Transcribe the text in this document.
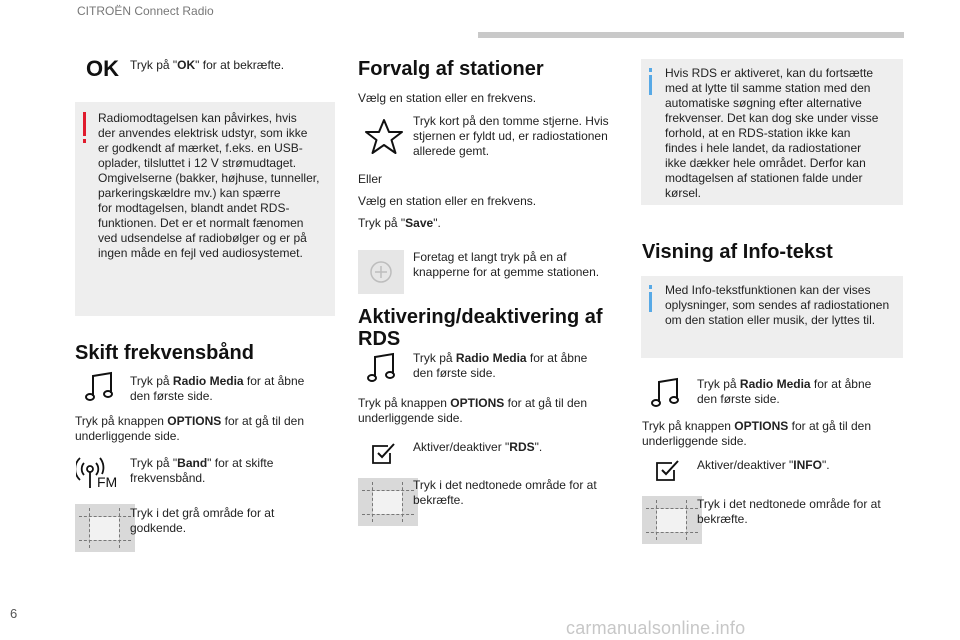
CITROËN Connect Radio
OK Tryk på "OK" for at bekræfte.
Radiomodtagelsen kan påvirkes, hvis
der anvendes elektrisk udstyr, som ikke
er godkendt af mærket, f.eks. en USB-
oplader, tilsluttet i 12 V strømudtaget.
Omgivelserne (bakker, højhuse, tunneller,
parkeringskældre mv.) kan spærre
for modtagelsen, blandt andet RDS-
funktionen. Det er et normalt fænomen
ved udsendelse af radiobølger og er på
ingen måde en fejl ved audiosystemet.
Skift frekvensbånd
Tryk på Radio Media for at åbne
den første side.
Tryk på knappen OPTIONS for at gå til den
underliggende side.
FM
Tryk på "Band" for at skifte
frekvensbånd.
Tryk i det grå område for at
godkende.
Forvalg af stationer
Vælg en station eller en frekvens.
Tryk kort på den tomme stjerne. Hvis
stjernen er fyldt ud, er radiostationen
allerede gemt.
Eller
Vælg en station eller en frekvens.
Tryk på "Save".
Foretag et langt tryk på en af
knapperne for at gemme stationen.
Aktivering/deaktivering af
RDS
Tryk på Radio Media for at åbne
den første side.
Tryk på knappen OPTIONS for at gå til den
underliggende side.
Aktiver/deaktiver "RDS".
Tryk i det nedtonede område for at
bekræfte.
Hvis RDS er aktiveret, kan du fortsætte
med at lytte til samme station med den
automatiske søgning efter alternative
frekvenser. Det kan dog ske under visse
forhold, at en RDS-station ikke kan
findes i hele landet, da radiostationer
ikke dækker hele området. Derfor kan
modtagelsen af stationen falde under
kørsel.
Visning af Info-tekst
Med Info-tekstfunktionen kan der vises
oplysninger, som sendes af radiostationen
om den station eller musik, der lyttes til.
Tryk på Radio Media for at åbne
den første side.
Tryk på knappen OPTIONS for at gå til den
underliggende side.
Aktiver/deaktiver "INFO".
Tryk i det nedtonede område for at
bekræfte.
6
carmanualsonline.info
